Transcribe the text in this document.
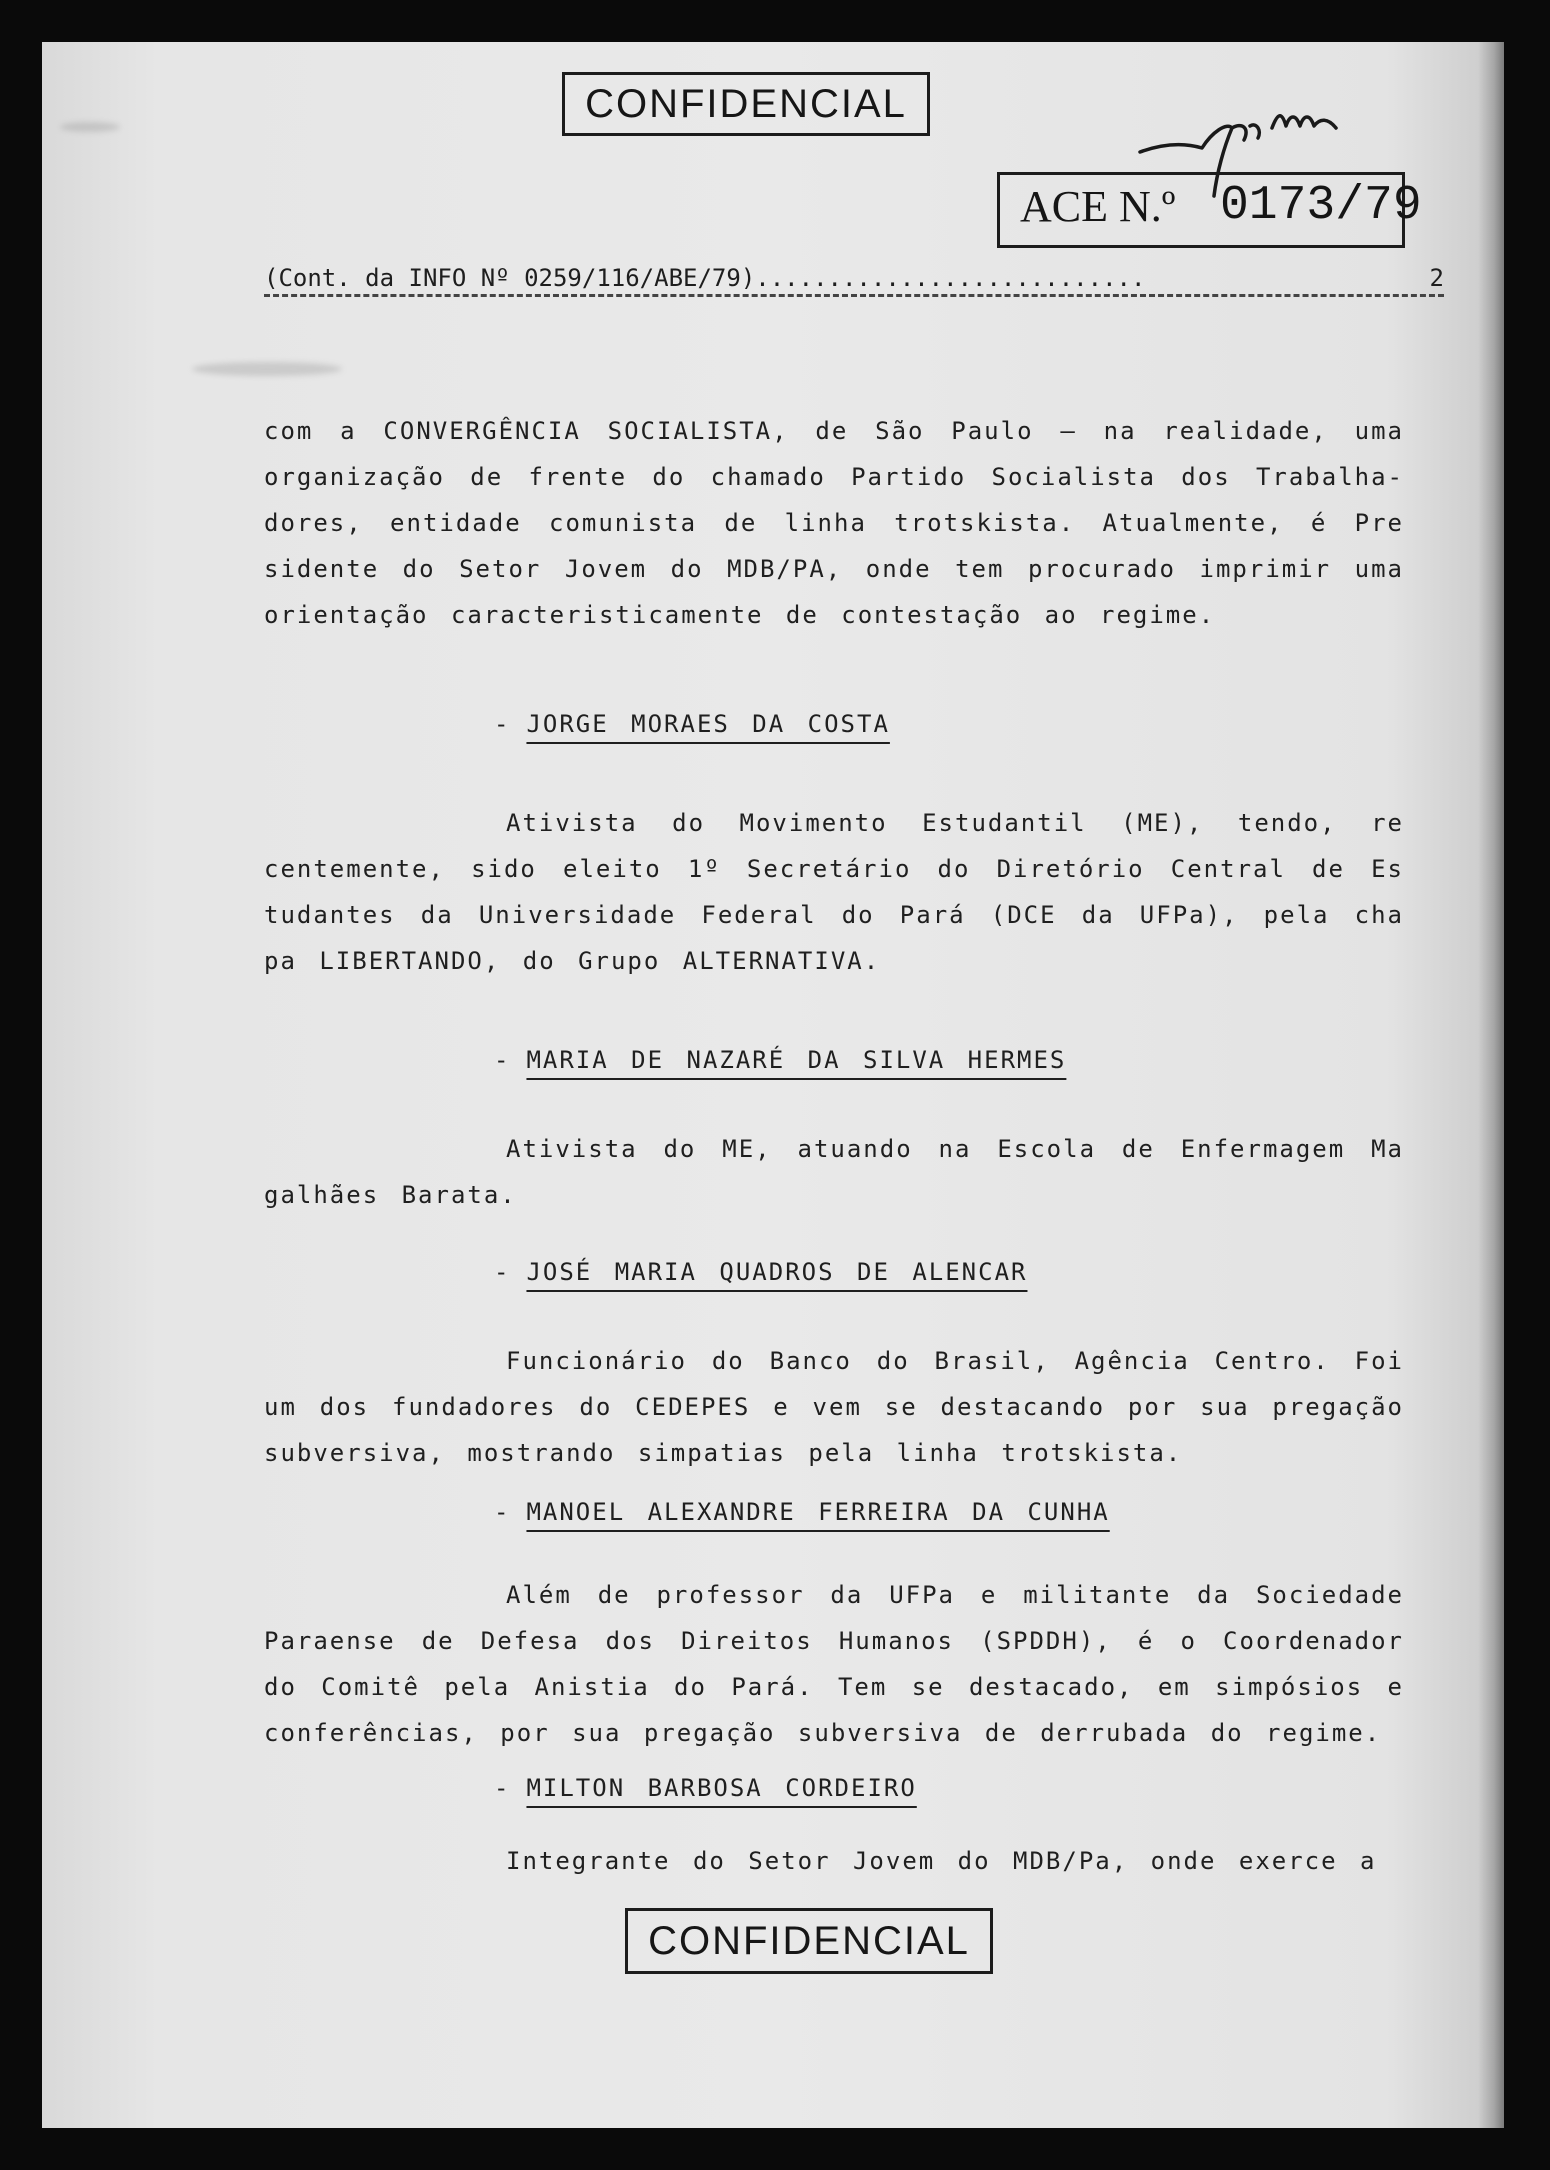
CONFIDENCIAL
ACE N.º 0173/79
(Cont. da INFO Nº 0259/116/ABE/79)...........................	2

com a CONVERGÊNCIA SOCIALISTA, de São Paulo — na realidade, uma
organização de frente do chamado Partido Socialista dos Trabalha-
dores, entidade comunista de linha trotskista. Atualmente, é Pre
sidente do Setor Jovem do MDB/PA, onde tem procurado imprimir uma
orientação caracteristicamente de contestação ao regime.

- JORGE MORAES DA COSTA

Ativista do Movimento Estudantil (ME), tendo, re
centemente, sido eleito 1º Secretário do Diretório Central de Es
tudantes da Universidade Federal do Pará (DCE da UFPa), pela cha
pa LIBERTANDO, do Grupo ALTERNATIVA.

- MARIA DE NAZARÉ DA SILVA HERMES

Ativista do ME, atuando na Escola de Enfermagem Ma
galhães Barata.

- JOSÉ MARIA QUADROS DE ALENCAR

Funcionário do Banco do Brasil, Agência Centro. Foi
um dos fundadores do CEDEPES e vem se destacando por sua pregação
subversiva, mostrando simpatias pela linha trotskista.

- MANOEL ALEXANDRE FERREIRA DA CUNHA

Além de professor da UFPa e militante da Sociedade
Paraense de Defesa dos Direitos Humanos (SPDDH), é o Coordenador
do Comitê pela Anistia do Pará. Tem se destacado, em simpósios e
conferências, por sua pregação subversiva de derrubada do regime.

- MILTON BARBOSA CORDEIRO

Integrante do Setor Jovem do MDB/Pa, onde exerce a

CONFIDENCIAL
